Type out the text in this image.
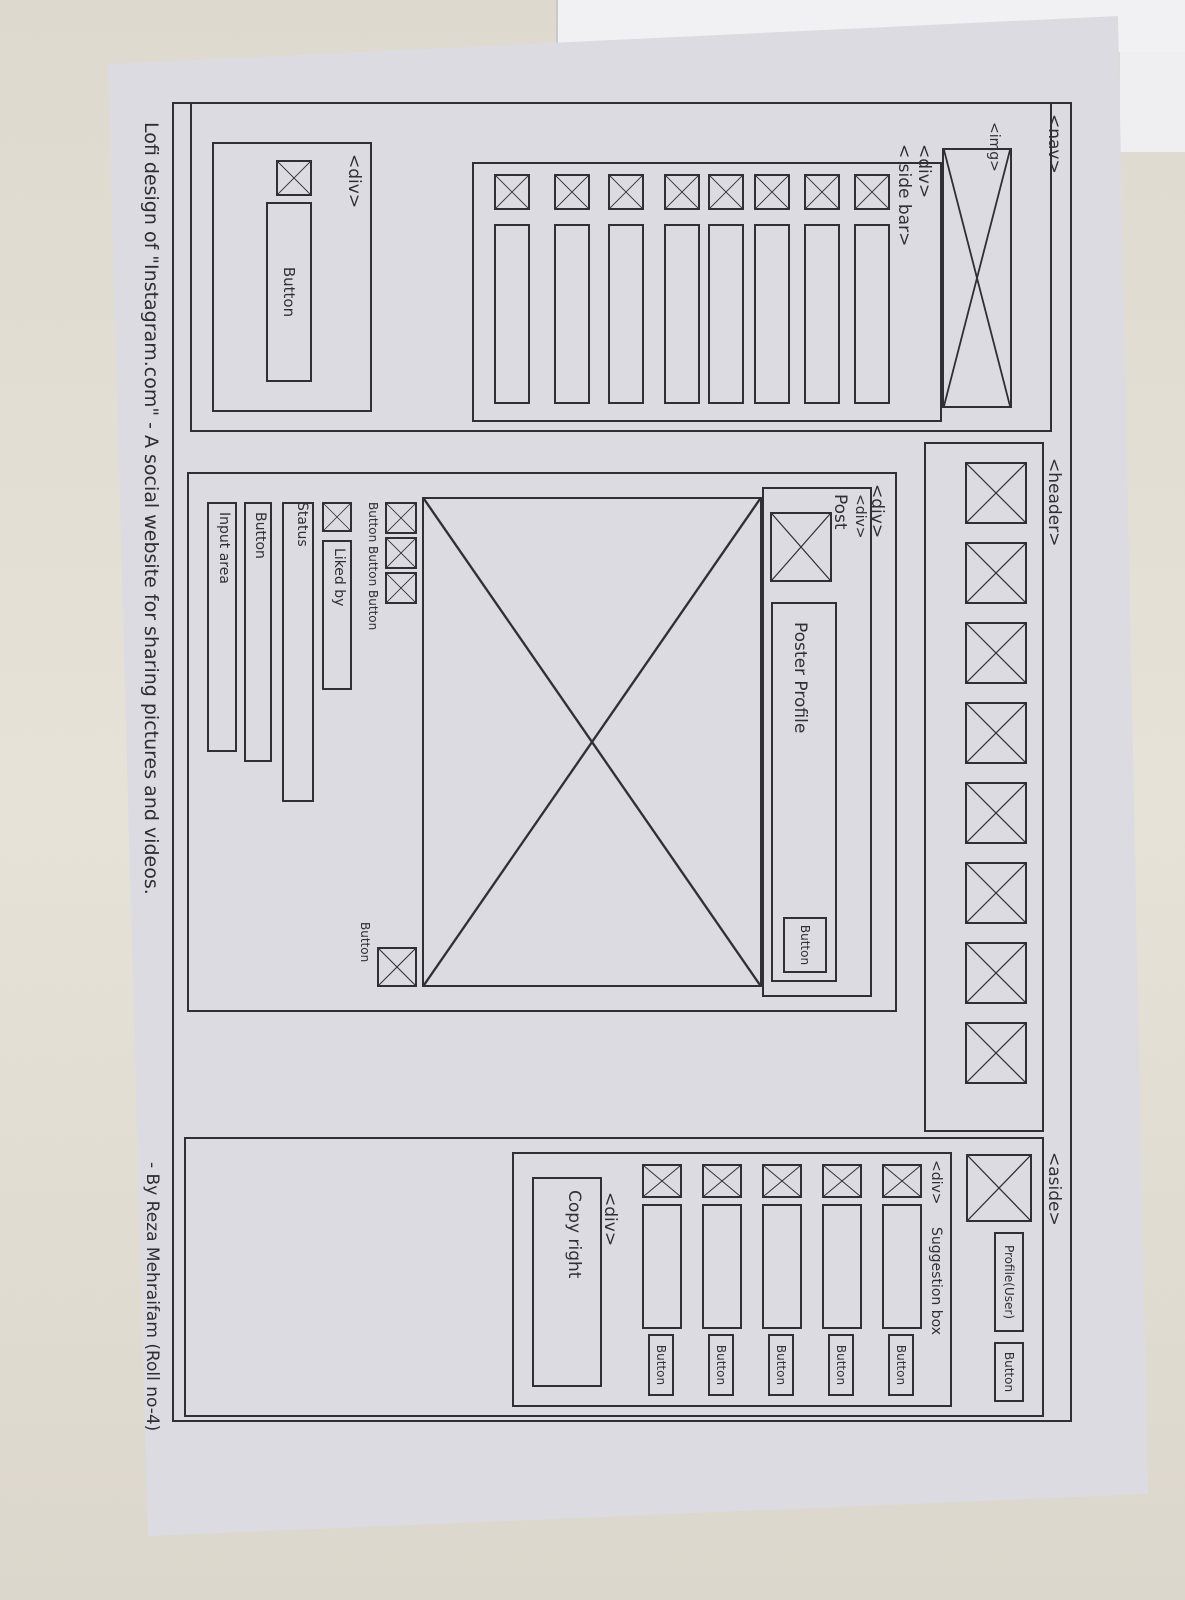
<nav>
<img>
<div>
< side bar>
<div>
Button
<header>
<div>
<div>
Post
Poster Profile
Button
Button Button Button
Button
Liked by
Status
Button
Input area
<aside>
Profile(User)
Button
<div>
Suggestion box
Button
Button
Button
Button
Button
<div>
Copy right
Lofi design of "Instagram.com" - A social website for sharing pictures and videos.
- By Reza Mehraifam (Roll no-4)
